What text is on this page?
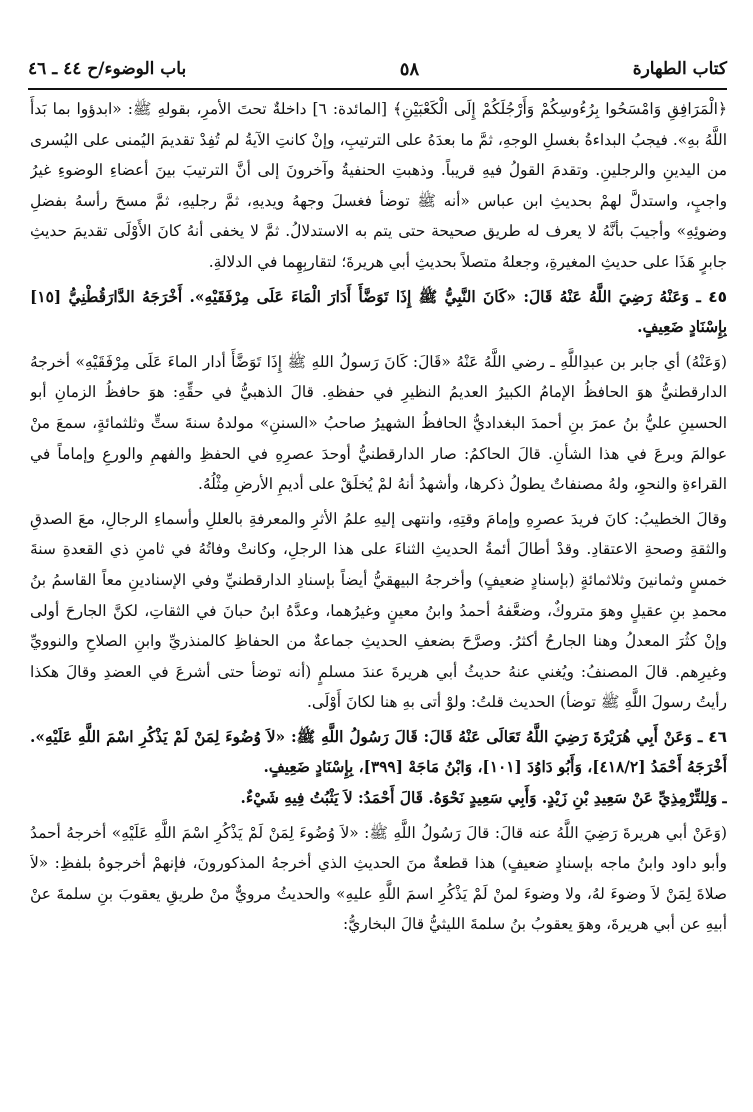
كتاب الطهارة
٥٨
باب الوضوء/ح ٤٤ ـ ٤٦

﴿الْمَرَافِقِ وَامْسَحُوا بِرُءُوسِكُمْ وَأَرْجُلَكُمْ إِلَى الْكَعْبَيْنِ﴾ [المائدة: ٦] داخلةٌ تحتَ الأمرِ، بقولهِ ﷺ: «ابدؤوا بما بَدأَ اللَّهُ بهِ». فيجبُ البداءةُ بغسلِ الوجهِ، ثمَّ ما بعدَهُ على الترتيبِ، وإنْ كانتِ الآيةُ لم تُفِدْ تقديمَ اليُمنى على اليُسرى من اليدينِ والرجلينِ. وتقدمَ القولُ فيهِ قريباً. وذهبتِ الحنفيةُ وآخرونَ إلى أنَّ الترتيبَ بينَ أعضاءِ الوضوءِ غيرُ واجبٍ، واستدلَّ لهمْ بحديثِ ابن عباس «أنه ﷺ توضأ فغسلَ وجههُ ويديهِ، ثمَّ رجليهِ، ثمَّ مسحَ رأسهُ بفضلِ وضوئِهِ» وأجيبَ بأنَّهُ لا يعرف له طريق صحيحة حتى يتم به الاستدلالُ. ثمَّ لا يخفى أنهُ كانَ الأَوْلَى تقديمَ حديثِ جابرٍ هَذَا على حديثِ المغيرةِ، وجعلهُ متصلاً بحديثِ أبي هريرةَ؛ لتقاربِهِما في الدلالةِ.

٤٥ ـ وَعَنْهُ رَضِيَ اللَّهُ عَنْهُ قَالَ: «كَانَ النَّبِيُّ ﷺ إِذَا تَوَضَّأَ أَدَارَ الْمَاءَ عَلَى مِرْفَقَيْهِ». أَخْرَجَهُ الدَّارَقُطْنِيُّ [١٥] بِإِسْنَادٍ ضَعِيفٍ.

(وَعَنْهُ) أي جابر بن عبدِاللَّهِ ـ رضي اللَّهُ عَنْهُ «قَالَ: كَانَ رَسولُ اللهِ ﷺ إِذَا تَوَضَّأَ أدار الماءَ عَلَى مِرْفَقَيْهِ» أخرجهُ الدارقطنيُّ هوَ الحافظُ الإمامُ الكبيرُ العديمُ النظيرِ في حفظهِ. قالَ الذهبيُّ في حقِّهِ: هوَ حافظُ الزمانِ أبو الحسينِ عليُّ بنُ عمرَ بنِ أحمدَ البغداديُّ الحافظُ الشهيرُ صاحبُ «السننِ» مولدهُ سنةَ ستٍّ وثلثمائةٍ، سمعَ منْ عوالمَ وبرعَ في هذا الشأنِ. قالَ الحاكمُ: صار الدارقطنيُّ أوحدَ عصرِهِ في الحفظِ والفهمِ والورعِ وإماماً في القراءةِ والنحوِ، ولهُ مصنفاتٌ يطولُ ذكرها، وأشهدُ أنهُ لمْ يُخلَقْ على أديمِ الأرضِ مِثْلُهُ.

وقالَ الخطيبُ: كانَ فريدَ عصرِهِ وإمامَ وقتِهِ، وانتهى إليهِ علمُ الأثرِ والمعرفةِ بالعللِ وأسماءِ الرجالِ، معَ الصدقِ والثقةِ وصحةِ الاعتقادِ. وقدْ أطالَ أئمةُ الحديثِ الثناءَ على هذا الرجلِ، وكانتْ وفاتُهُ في ثامنِ ذي القعدةِ سنةَ خمسٍ وثمانينَ وثلاثمائةٍ (بإسنادٍ ضعيفٍ) وأخرجهُ البيهقيُّ أيضاً بإسنادِ الدارقطنيِّ وفي الإسنادينِ معاً القاسمُ بنُ محمدِ بنِ عقيلٍ وهوَ متروكٌ، وضعَّفهُ أحمدُ وابنُ معينٍ وغيرُهما، وعدَّهُ ابنُ حبانَ في الثقاتِ، لكنَّ الجارحَ أولى وإنْ كثُرَ المعدلُ وهنا الجارحُ أكثرُ. وصرَّحَ بضعفِ الحديثِ جماعةٌ من الحفاظِ كالمنذريِّ وابنِ الصلاحِ والنوويِّ وغيرِهم. قالَ المصنفُ: ويُغني عنهُ حديثُ أبي هريرةَ عندَ مسلمٍ (أنه توضأ حتى أشرعَ في العضدِ وقالَ هكذا رأيتُ رسولَ اللَّهِ ﷺ توضأ) الحديث قلتُ: ولوْ أتى بهِ هنا لكانَ أَوْلَى.

٤٦ ـ وَعَنْ أَبِي هُرَيْرَةَ رَضِيَ اللَّهُ تَعَالَى عَنْهُ قَالَ: قَالَ رَسُولُ اللَّهِ ﷺ: «لاَ وُضُوءَ لِمَنْ لَمْ يَذْكُرِ اسْمَ اللَّهِ عَلَيْهِ». أَخْرَجَهُ أَحْمَدُ [٤١٨/٢]، وَأَبُو دَاوُدَ [١٠١]، وَابْنُ مَاجَهْ [٣٩٩]، بِإِسْنَادٍ ضَعِيفٍ.

ـ وَلِلتِّرْمِذِيِّ عَنْ سَعِيدِ بْنِ زَيْدٍ. وَأَبِي سَعِيدٍ نَحْوَهُ. قَالَ أَحْمَدُ: لاَ يَثْبُتُ فِيهِ شَيْءٌ.

(وَعَنْ أبي هريرةَ رَضِيَ اللَّهُ عنه قالَ: قالَ رَسُولُ اللَّهِ ﷺ: «لاَ وُضُوءَ لِمَنْ لَمْ يَذْكُرِ اسْمَ اللَّهِ عَلَيْهِ» أخرجهُ أحمدُ وأبو داود وابنُ ماجه بإسنادٍ ضعيفٍ) هذا قطعةٌ منَ الحديثِ الذي أخرجهُ المذكورونَ، فإنهمْ أخرجوهُ بلفظِ: «لاَ صلاةَ لِمَنْ لاَ وضوءَ لهُ، ولا وضوءَ لمنْ لَمْ يَذْكُرِ اسمَ اللَّهِ عليهِ» والحديثُ مرويٌّ منْ طريقِ يعقوبَ بنِ سلمةَ عنْ أبيهِ عن أبي هريرةَ، وهوَ يعقوبُ بنُ سلمةَ الليثيُّ قالَ البخاريُّ:
